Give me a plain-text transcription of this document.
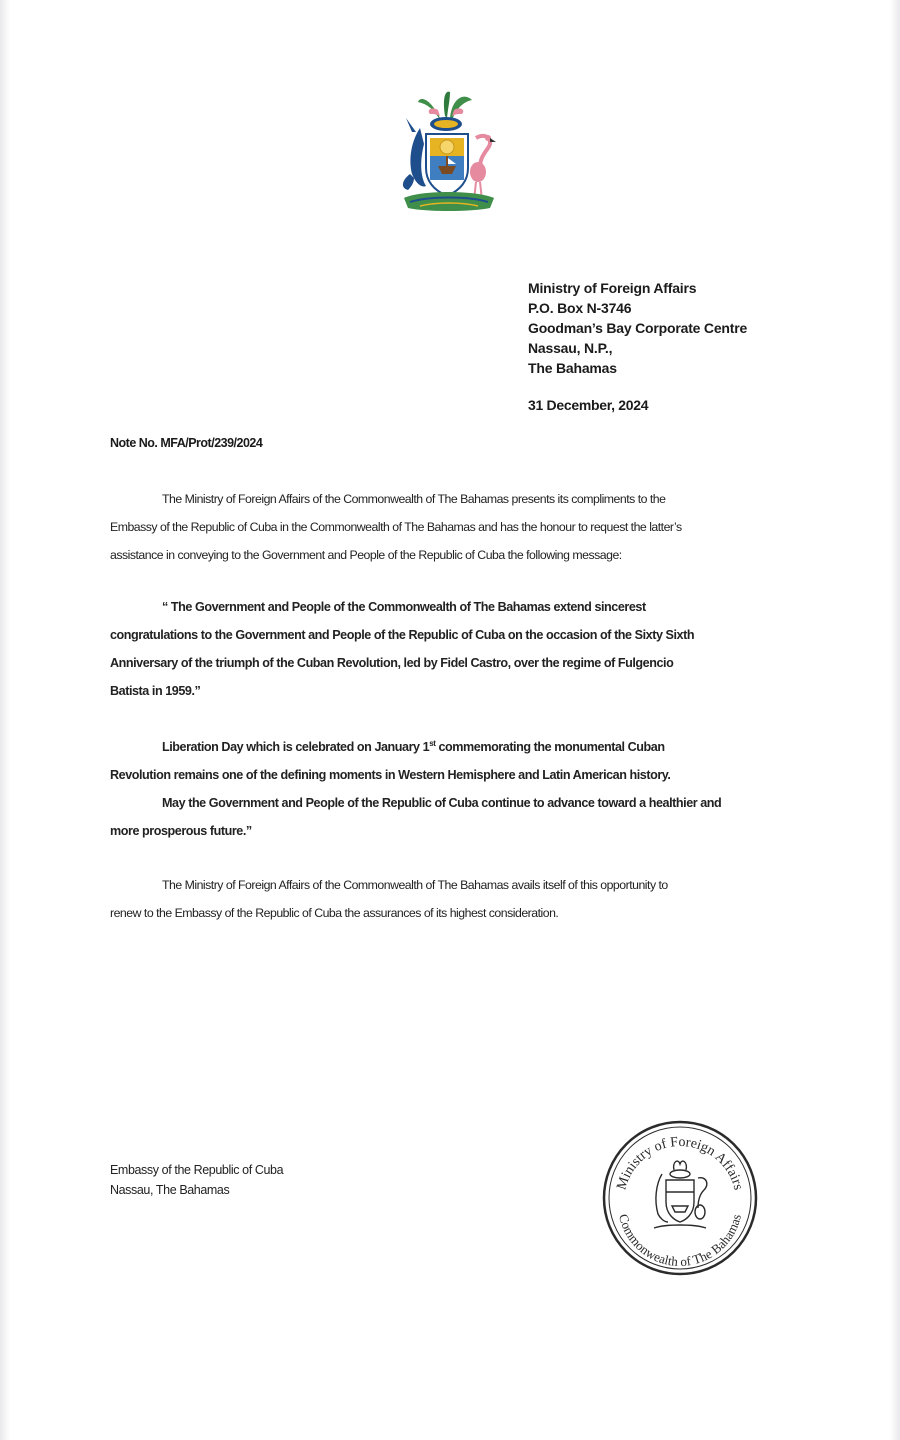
Ministry of Foreign Affairs
P.O. Box N-3746
Goodman’s Bay Corporate Centre
Nassau, N.P.,
The Bahamas
31 December, 2024
Note No. MFA/Prot/239/2024
The Ministry of Foreign Affairs of the Commonwealth of The Bahamas presents its compliments to the
Embassy of the Republic of Cuba in the Commonwealth of The Bahamas and has the honour to request the latter’s
assistance in conveying to the Government and People of the Republic of Cuba the following message:
“ The Government and People of the Commonwealth of The Bahamas extend sincerest
congratulations to the Government and People of the Republic of Cuba on the occasion of the Sixty Sixth
Anniversary of the triumph of the Cuban Revolution, led by Fidel Castro, over the regime of Fulgencio
Batista in 1959.”
Liberation Day which is celebrated on January 1st commemorating the monumental Cuban
Revolution remains one of the defining moments in Western Hemisphere and Latin American history.
May the Government and People of the Republic of Cuba continue to advance toward a healthier and
more prosperous future.”
The Ministry of Foreign Affairs of the Commonwealth of The Bahamas avails itself of this opportunity to
renew to the Embassy of the Republic of Cuba the assurances of its highest consideration.
Embassy of the Republic of Cuba
Nassau, The Bahamas	Ministry of Foreign Affairs
Commonwealth of The Bahamas
